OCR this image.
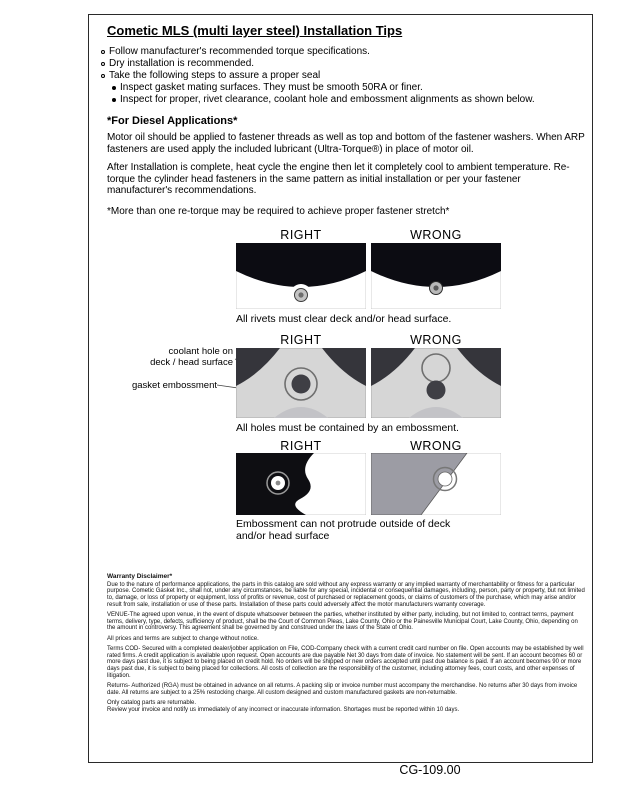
Cometic MLS (multi layer steel) Installation Tips
Follow manufacturer's recommended torque specifications.
Dry installation is recommended.
Take the following steps to assure a proper seal
Inspect gasket mating surfaces. They must be smooth 50RA or finer.
Inspect for proper, rivet clearance, coolant hole and embossment alignments as shown below.
*For Diesel Applications*

Motor oil should be applied to fastener threads as well as top and bottom of the fastener washers. When ARP fasteners are used apply the included lubricant (Ultra-Torque®) in place of motor oil.

After Installation is complete, heat cycle the engine then let it completely cool to ambient temperature. Re-torque the cylinder head fasteners in the same pattern as initial installation or per your fastener manufacturer's recommendations.

*More than one re-torque may be required to achieve proper fastener stretch*

RIGHT	WRONG

All rivets must clear deck and/or head surface.

RIGHT	WRONG
coolant hole on
deck / head surface
gasket embossment

All holes must be contained by an embossment.

RIGHT	WRONG

Embossment can not protrude outside of deck
and/or head surface

Warranty Disclaimer*

Due to the nature of performance applications, the parts in this catalog are sold without any express warranty or any implied warranty of merchantability or fitness for a particular purpose. Cometic Gasket Inc., shall not, under any circumstances, be liable for any special, incidental or consequential damages, including, person, party or property, but not limited to, damage, or loss of property or equipment, loss of profits or revenue, cost of purchased or replacement goods, or claims of customers of the purchase, which may arise and/or result from sale, installation or use of these parts. Installation of these parts could adversely affect the motor manufacturers warranty coverage.

VENUE-The agreed upon venue, in the event of dispute whatsoever between the parties, whether instituted by either party, including, but not limited to, contract terms, payment terms, delivery, type, defects, sufficiency of product, shall be the Court of Common Pleas, Lake County, Ohio or the Painesville Municipal Court, Lake County, Ohio, depending on the amount in controversy. This agreement shall be governed by and construed under the laws of the State of Ohio.

All prices and terms are subject to change without notice.

Terms COD- Secured with a completed dealer/jobber application on File, COD-Company check with a current credit card number on file. Open accounts may be established by well rated firms. A credit application is available upon request. Open accounts are due payable Net 30 days from date of invoice. No statement will be sent. If an account becomes 60 or more days past due, it is subject to being placed on credit hold. No orders will be shipped or new orders accepted until past due balance is paid. If an account becomes 90 or more days past due, it is subject to being placed for collections. All costs of collection are the responsibility of the customer, including attorney fees, court costs, and other expenses of litigation.

Returns- Authorized (RGA) must be obtained in advance on all returns. A packing slip or invoice number must accompany the merchandise. No returns after 30 days from invoice date. All returns are subject to a 25% restocking charge. All custom designed and custom manufactured gaskets are non-returnable.

Only catalog parts are returnable.

Review your invoice and notify us immediately of any incorrect or inaccurate information. Shortages must be reported within 10 days.

CG-109.00
